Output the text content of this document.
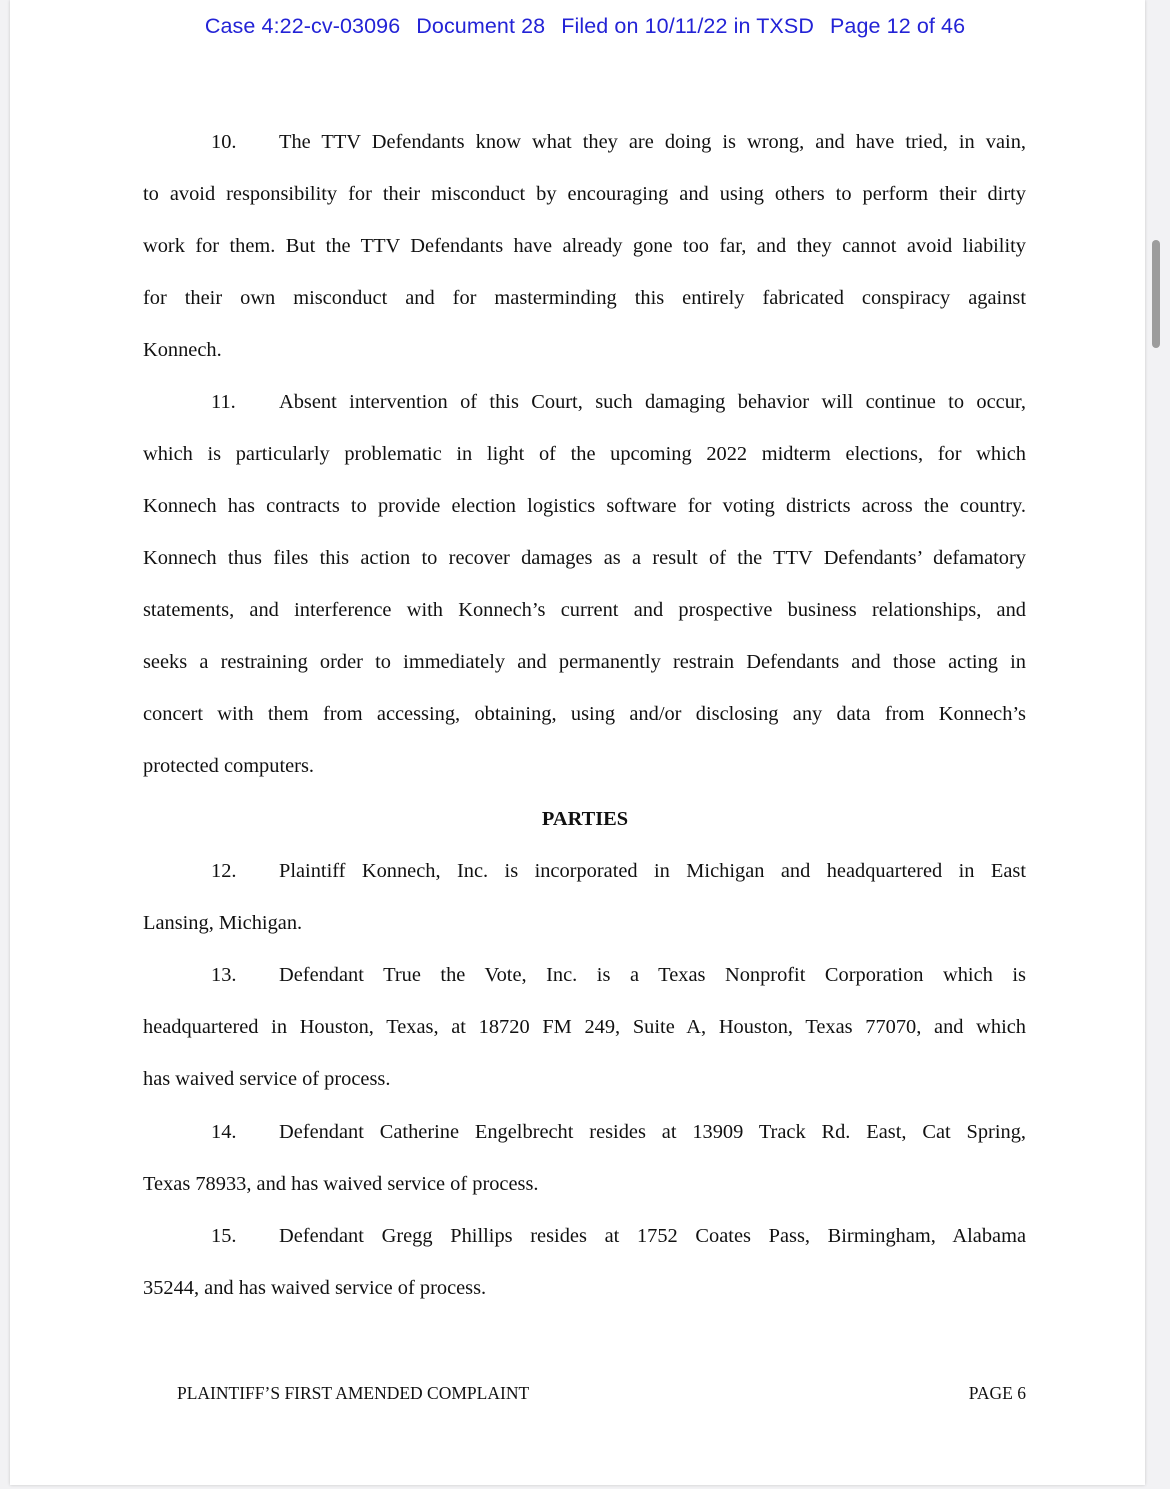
Case 4:22-cv-03096 Document 28 Filed on 10/11/22 in TXSD Page 12 of 46
10. The TTV Defendants know what they are doing is wrong, and have tried, in vain,
to avoid responsibility for their misconduct by encouraging and using others to perform their dirty
work for them. But the TTV Defendants have already gone too far, and they cannot avoid liability
for their own misconduct and for masterminding this entirely fabricated conspiracy against
Konnech.
11. Absent intervention of this Court, such damaging behavior will continue to occur,
which is particularly problematic in light of the upcoming 2022 midterm elections, for which
Konnech has contracts to provide election logistics software for voting districts across the country.
Konnech thus files this action to recover damages as a result of the TTV Defendants’ defamatory
statements, and interference with Konnech’s current and prospective business relationships, and
seeks a restraining order to immediately and permanently restrain Defendants and those acting in
concert with them from accessing, obtaining, using and/or disclosing any data from Konnech’s
protected computers.
PARTIES
12. Plaintiff Konnech, Inc. is incorporated in Michigan and headquartered in East
Lansing, Michigan.
13. Defendant True the Vote, Inc. is a Texas Nonprofit Corporation which is
headquartered in Houston, Texas, at 18720 FM 249, Suite A, Houston, Texas 77070, and which
has waived service of process.
14. Defendant Catherine Engelbrecht resides at 13909 Track Rd. East, Cat Spring,
Texas 78933, and has waived service of process.
15. Defendant Gregg Phillips resides at 1752 Coates Pass, Birmingham, Alabama
35244, and has waived service of process.
PLAINTIFF’S FIRST AMENDED COMPLAINT	PAGE 6
